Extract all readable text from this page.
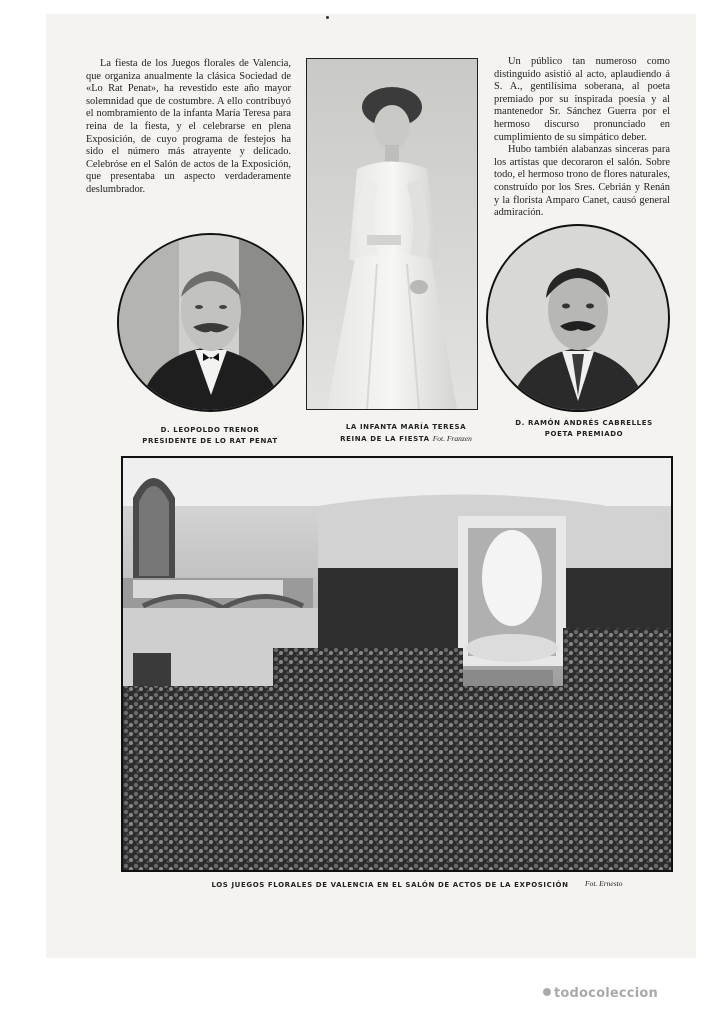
La fiesta de los Juegos florales de Valencia, que organiza anualmente la clásica Sociedad de «Lo Rat Penat», ha revestido este año mayor solemnidad que de costumbre. A ello contribuyó el nombramiento de la infanta María Teresa para reina de la fiesta, y el celebrarse en plena Exposición, de cuyo programa de festejos ha sido el número más atrayente y delicado. Celebróse en el Salón de actos de la Exposición, que presentaba un aspecto verdaderamente deslumbrador.

Un público tan numeroso como distinguido asistió al acto, aplaudiendo á S. A., gentilísima soberana, al poeta premiado por su inspirada poesía y al mantenedor Sr. Sánchez Guerra por el hermoso discurso pronunciado en cumplimiento de su simpático deber.

Hubo también alabanzas sinceras para los artistas que decoraron el salón. Sobre todo, el hermoso trono de flores naturales, construído por los Sres. Cebrián y Renán y la florista Amparo Canet, causó general admiración.

D. LEOPOLDO TRENOR
PRESIDENTE DE LO RAT PENAT
LA INFANTA MARÍA TERESA
REINA DE LA FIESTA Fot. Franzen
D. RAMÓN ANDRÉS CABRELLES
POETA PREMIADO
LOS JUEGOS FLORALES DE VALENCIA EN EL SALÓN DE ACTOS DE LA EXPOSICIÓN Fot. Ernesto
todocoleccion
